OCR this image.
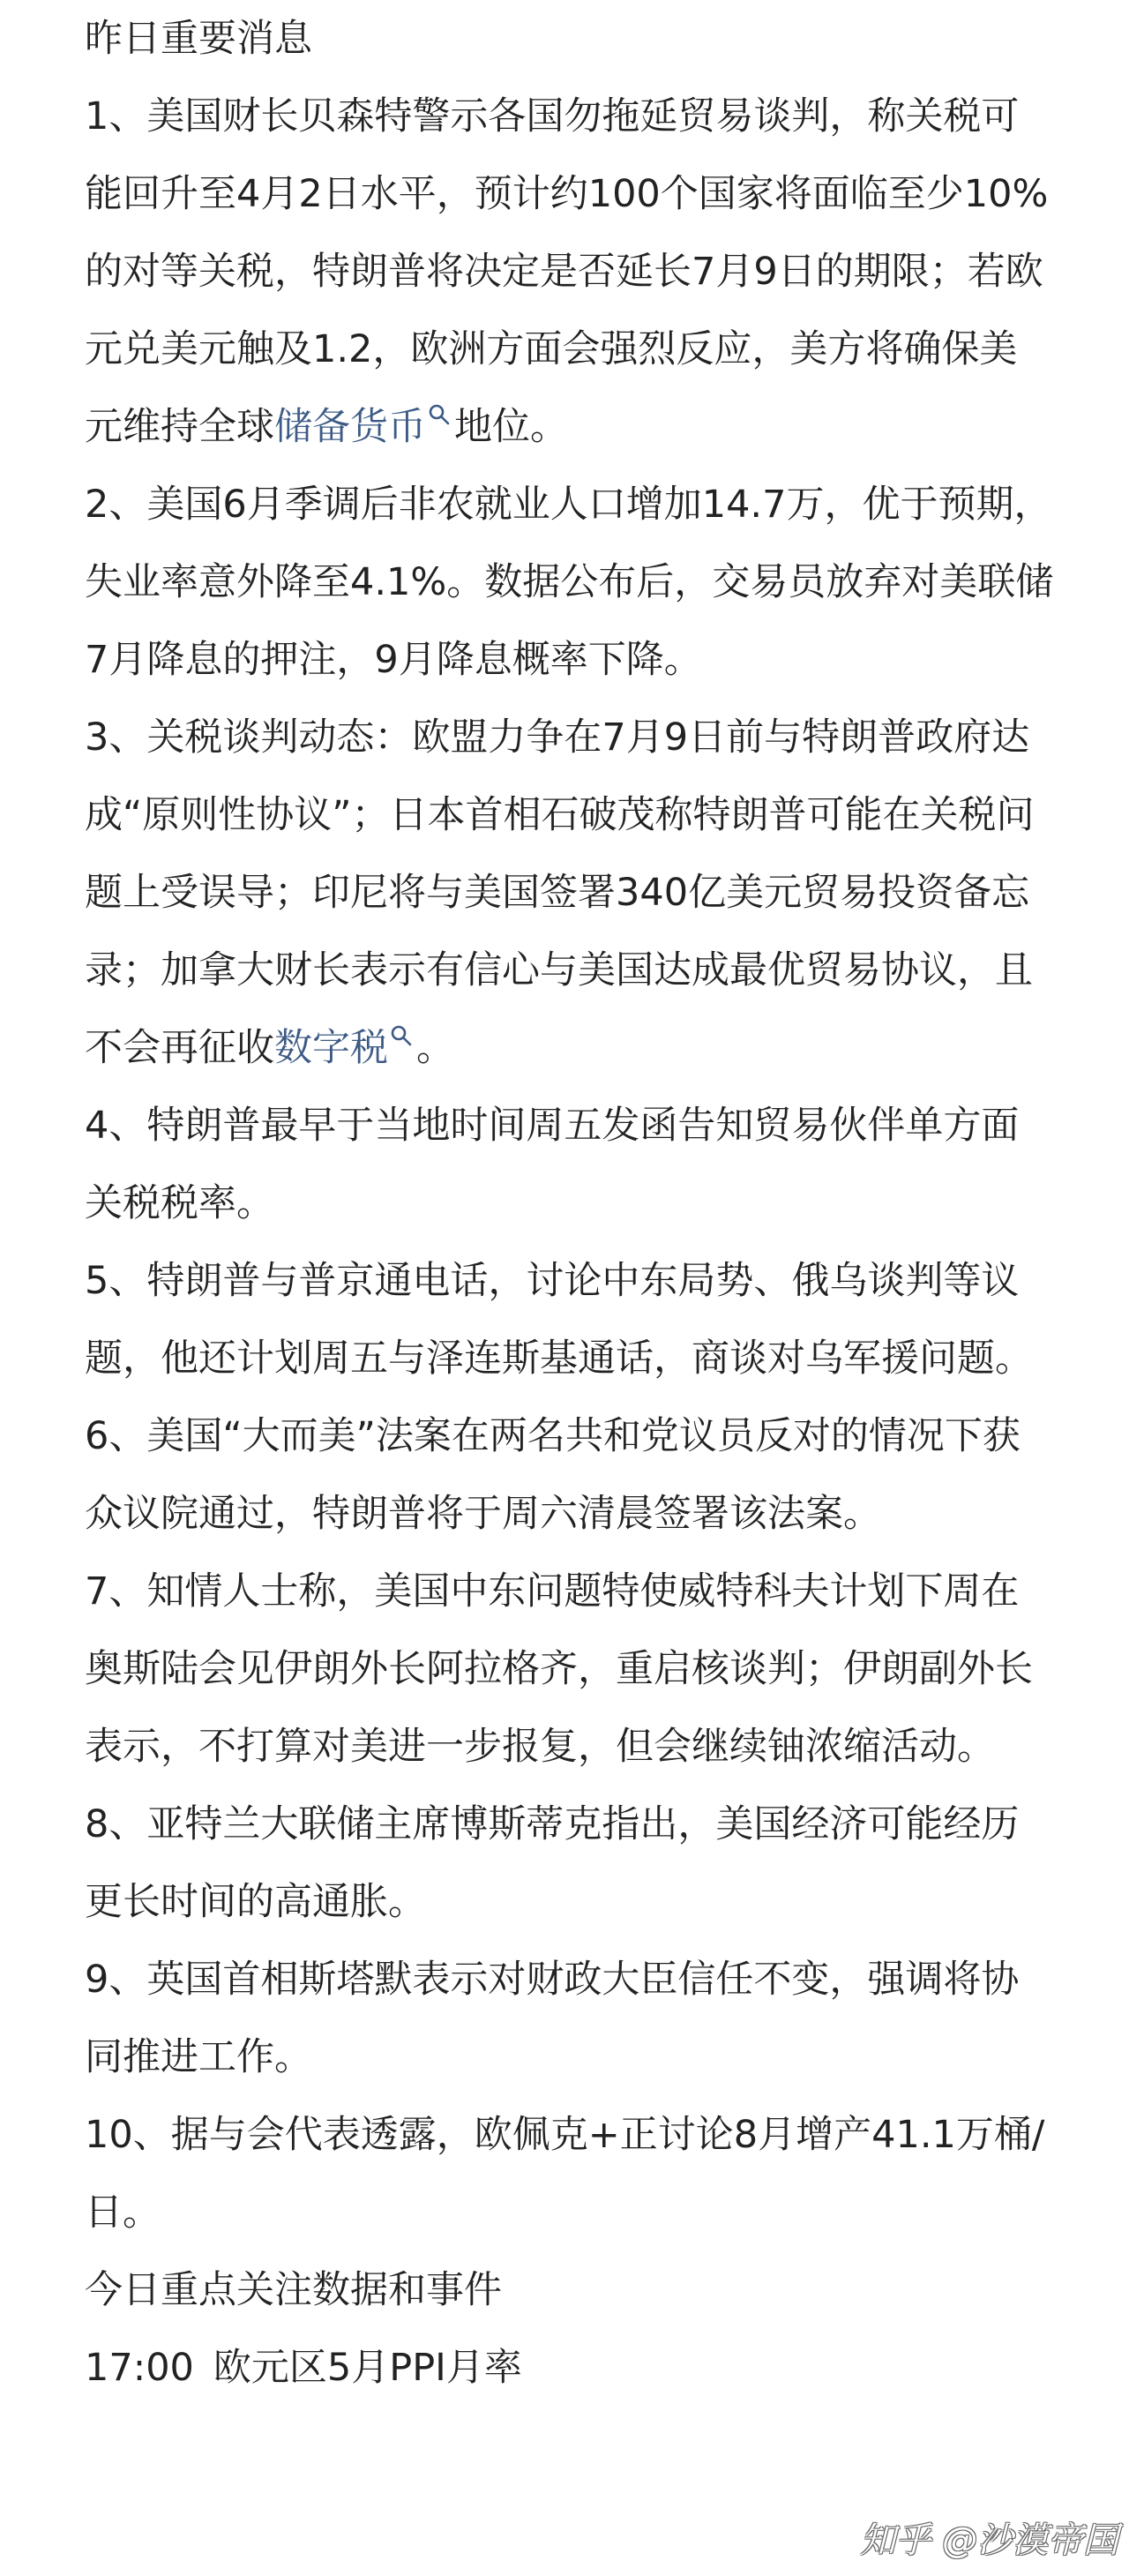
昨日重要消息

1、美国财长贝森特警示各国勿拖延贸易谈判，称关税可能回升至4月2日水平，预计约100个国家将面临至少10%的对等关税，特朗普将决定是否延长7月9日的期限；若欧元兑美元触及1.2，欧洲方面会强烈反应，美方将确保美元维持全球储备货币 地位。

2、美国6月季调后非农就业人口增加14.7万，优于预期，失业率意外降至4.1%。数据公布后，交易员放弃对美联储7月降息的押注，9月降息概率下降。

3、关税谈判动态：欧盟力争在7月9日前与特朗普政府达成“原则性协议”；日本首相石破茂称特朗普可能在关税问题上受误导；印尼将与美国签署340亿美元贸易投资备忘录；加拿大财长表示有信心与美国达成最优贸易协议，且不会再征收数字税 。

4、特朗普最早于当地时间周五发函告知贸易伙伴单方面关税税率。

5、特朗普与普京通电话，讨论中东局势、俄乌谈判等议题，他还计划周五与泽连斯基通话，商谈对乌军援问题。

6、美国“大而美”法案在两名共和党议员反对的情况下获众议院通过，特朗普将于周六清晨签署该法案。

7、知情人士称，美国中东问题特使威特科夫计划下周在奥斯陆会见伊朗外长阿拉格齐，重启核谈判；伊朗副外长表示，不打算对美进一步报复，但会继续铀浓缩活动。

8、亚特兰大联储主席博斯蒂克指出，美国经济可能经历更长时间的高通胀。

9、英国首相斯塔默表示对财政大臣信任不变，强调将协同推进工作。

10、据与会代表透露，欧佩克+正讨论8月增产41.1万桶/日。

今日重点关注数据和事件

17:00 欧元区5月PPI月率

知乎 @沙漠帝国
